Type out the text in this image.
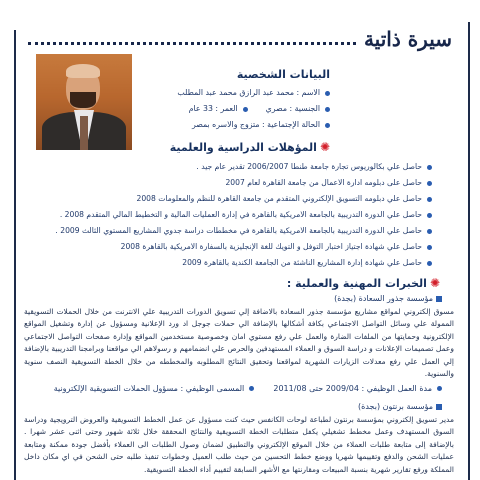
سيرة ذاتية
البيانات الشخصية
الاسم : محمد عبد الرازق محمد عبد المطلب
الجنسية : مصريالعمر : 33 عام
الحالة الإجتماعية : متزوج والاسره بمصر
✺المؤهلات الدراسية والعلمية
حاصل علي بكالوريوس تجارة جامعة طنطا 2006/2007 تقدير عام جيد .
حاصل على دبلومه ادارة الاعمال من جامعة القاهرة لعام 2007
حاصل علي دبلومه التسويق الإلكتروني المتقدم من جامعة القاهرة للنظم والمعلومات 2008
حاصل علي الدورة التدريبية بالجامعة الامريكية بالقاهرة في إدارة العمليات المالية و التخطيط المالي المتقدم 2008 .
حاصل علي الدورة التدريبية بالجامعة الامريكية بالقاهرة في مخططات دراسة جدوي المشاريع المستوي الثالث 2009 .
حاصل علي شهادة اجتياز اختبار التوفل و التويك للغة الإنجليزية بالسفارة الامريكية بالقاهرة 2008
حاصل علي شهادة إدارة المشاريع الناشئة من الجامعة الكندية بالقاهرة 2009
✺الخبرات المهنية والعملية :
مؤسسة جذور السعادة (بجدة)
مسوق إلكتروني لمواقع مشاريع مؤسسة جذور السعادة بالاضافة إلي تسويق الدورات التدريبية علي الانترنت من خلال الحملات التسويقية الممولة علي وسائل التواصل الاجتماعي بكافة أشكالها بالإضافة الي حملات جوجل اد ورد الإعلانية ومسؤول عن إدارة وتشغيل المواقع الإلكترونية وحمايتها من الملفات الضارة والعمل علي رفع مستوي امان وخصوصية مستخدمين المواقع وإدارة صفحات التواصل الاجتماعي وعمل تصميمات الإعلانات و دراسة السوق و العملاء المستهدفين والحرص علي انضمامهم و رسولاهم الي مواقعنا وبرامجنا التدريبية بالإضافة إلي العمل علي رفع معدلات الزيارات الشهرية لمواقعنا وتحقيق النتائج المطلوبه والمخططه من خلال الخطة التسويقية النصف سنوية والسنوية.
مدة العمل الوظيفي : 2009/04 حتى 2011/08  المسمى الوظيفي : مسؤول الحملات التسويقية الإلكترونية
مؤسسة برنتون (بجدة)
مدير تسويق إلكتروني بمؤسسة برنتون لطباعة لوحات الكانفس حيث كنت مسؤول عن عمل الخطط التسويقية والعروض الترويجية ودراسة السوق المستهدف وعمل مخطط تشغيلي يكفل متطلبات الخطة التسويقية والنتائج المحققة خلال ثلاثة شهور وحتى اثنى عشر شهرا . بالإضافة إلى متابعة طلبات العملاء من خلال الموقع الإلكتروني والتطبيق لضمان وصول الطلبات الى العملاء بأفضل جودة ممكنة ومتابعة عمليات الشحن والدفع وتقييمها شهريا ووضع خطط التحسين من حيث طلب العميل وخطوات تنفيذ طلبه حتى الشحن في اي مكان داخل المملكة ورفع تقارير شهرية بنسبة المبيعات ومقارنتها مع الأشهر السابقة لتقييم أداء الخطة التسويقية.
